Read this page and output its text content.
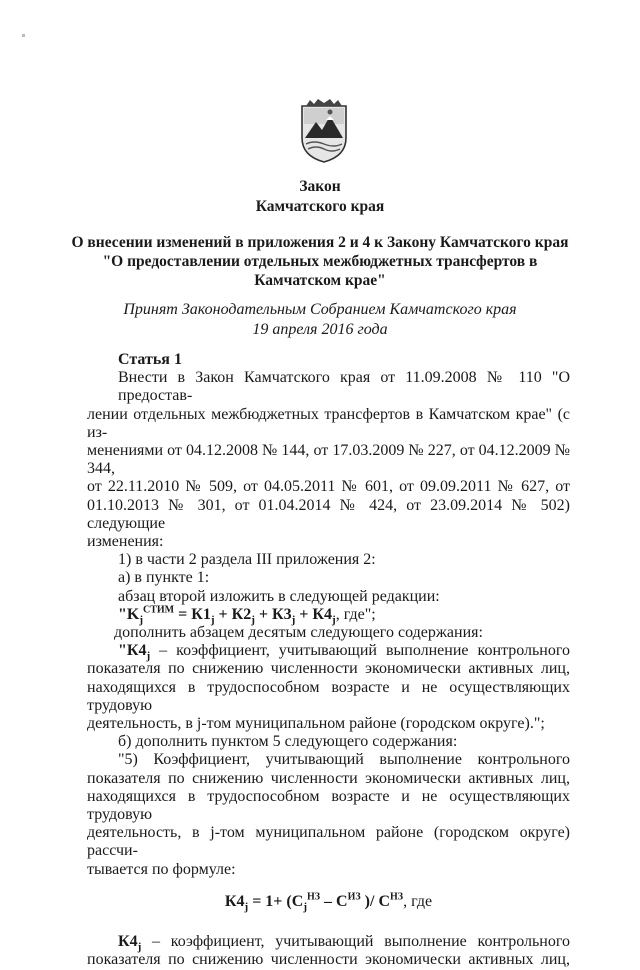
Закон
Камчатского края
О внесении изменений в приложения 2 и 4 к Закону Камчатского края
"О предоставлении отдельных межбюджетных трансфертов в
Камчатском крае"
Принят Законодательным Собранием Камчатского края
19 апреля 2016 года

Статья 1

Внести в Закон Камчатского края от 11.09.2008 № 110 "О предостав-

лении отдельных межбюджетных трансфертов в Камчатском крае" (с из-

менениями от 04.12.2008 № 144, от 17.03.2009 № 227, от 04.12.2009 № 344,

от 22.11.2010 № 509, от 04.05.2011 № 601, от 09.09.2011 № 627, от

01.10.2013 № 301, от 01.04.2014 № 424, от 23.09.2014 № 502) следующие

изменения:

1) в части 2 раздела III приложения 2:

а) в пункте 1:

абзац второй изложить в следующей редакции:

"$K_j^{СТИМ} = К1_j + К2_j + К3_j + К4_j$, где";

дополнить абзацем десятым следующего содержания:

"$К4_j$ – коэффициент, учитывающий выполнение контрольного

показателя по снижению численности экономически активных лиц,

находящихся в трудоспособном возрасте и не осуществляющих трудовую

деятельность, в j-том муниципальном районе (городском округе).";

б) дополнить пунктом 5 следующего содержания:

"5) Коэффициент, учитывающий выполнение контрольного

показателя по снижению численности экономически активных лиц,

находящихся в трудоспособном возрасте и не осуществляющих трудовую

деятельность, в j-том муниципальном районе (городском округе) рассчи-

тывается по формуле:

$К4_j = 1+ (С_j^{НЗ} - С^{ИЗ}$ )/ $С^{НЗ}$, где

$К4_j$ – коэффициент, учитывающий выполнение контрольного

показателя по снижению численности экономически активных лиц,
